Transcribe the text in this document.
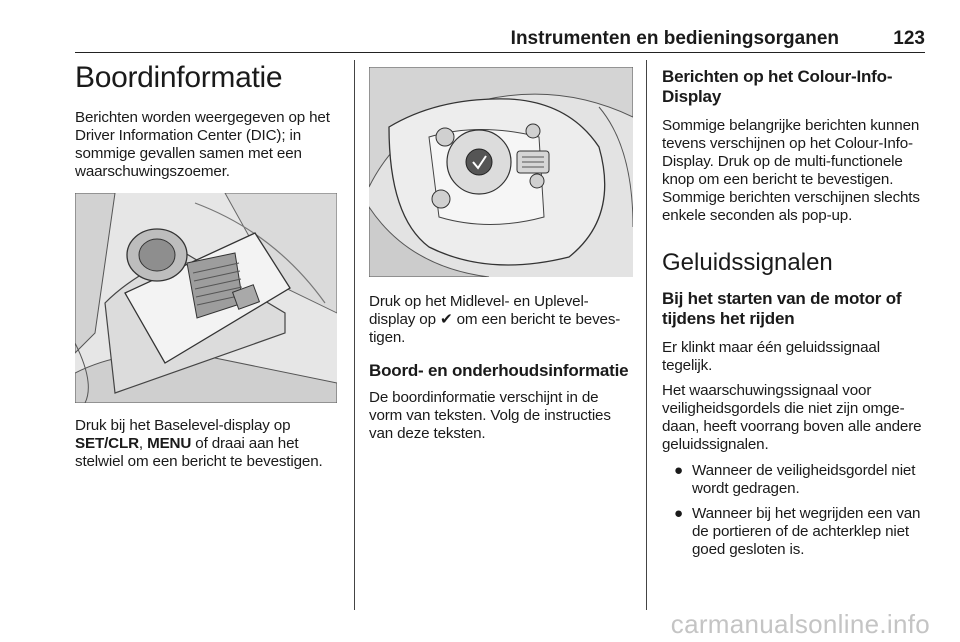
Instrumenten en bedieningsorganen	123
Boordinformatie

Berichten worden weergegeven op het Driver Information Center (DIC); in sommige gevallen samen met een waarschuwingszoemer.

Druk bij het Baselevel-display op
SET/CLR, MENU of draai aan het stelwiel om een bericht te bevestigen.

Druk op het Midlevel- en Uplevel-display op ✔ om een bericht te beves-tigen.

Boord- en onderhoudsinformatie

De boordinformatie verschijnt in de vorm van teksten. Volg de instructies van deze teksten.

Berichten op het Colour-Info-Display

Sommige belangrijke berichten kunnen tevens verschijnen op het Colour-Info-Display. Druk op de multi-functionele knop om een bericht te bevestigen. Sommige berichten verschijnen slechts enkele seconden als pop-up.

Geluidssignalen
Bij het starten van de motor of tijdens het rijden

Er klinkt maar één geluidssignaal tegelijk.

Het waarschuwingssignaal voor veiligheidsgordels die niet zijn omge-daan, heeft voorrang boven alle andere geluidssignalen.

● Wanneer de veiligheidsgordel niet wordt gedragen.
● Wanneer bij het wegrijden een van de portieren of de achterklep niet goed gesloten is.
carmanualsonline.info
